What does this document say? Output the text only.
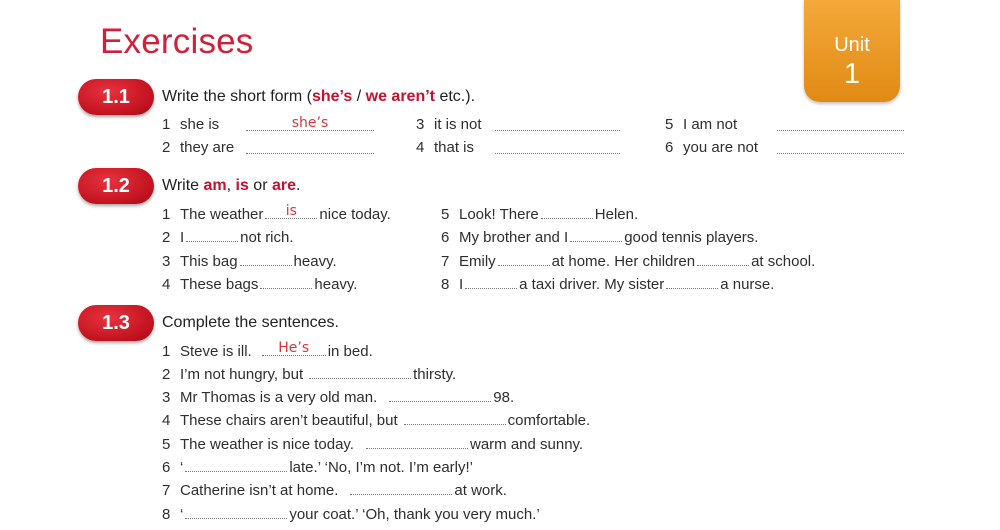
Exercises	Unit
1
1.1	Write the short form (she’s / we aren’t etc.).
1 she is	she’s
2 they are
3 it is not
4 that is
5 I am not
6 you are not
1.2	Write am, is or are.
1 The weather	is	nice today.
2 I	not rich.
3 This bag	heavy.
4 These bags	heavy.
5 Look! There	Helen.
6 My brother and I	good tennis players.
7 Emily	at home. Her children	at school.
8 I	a taxi driver. My sister	a nurse.
1.3	Complete the sentences.
1 Steve is ill.	He’s	in bed.
2 I’m not hungry, but	thirsty.
3 Mr Thomas is a very old man.	98.
4 These chairs aren’t beautiful, but	comfortable.
5 The weather is nice today.	warm and sunny.
6 ‘	late.’ ‘No, I’m not. I’m early!’
7 Catherine isn’t at home.	at work.
8 ‘	your coat.’ ‘Oh, thank you very much.’
